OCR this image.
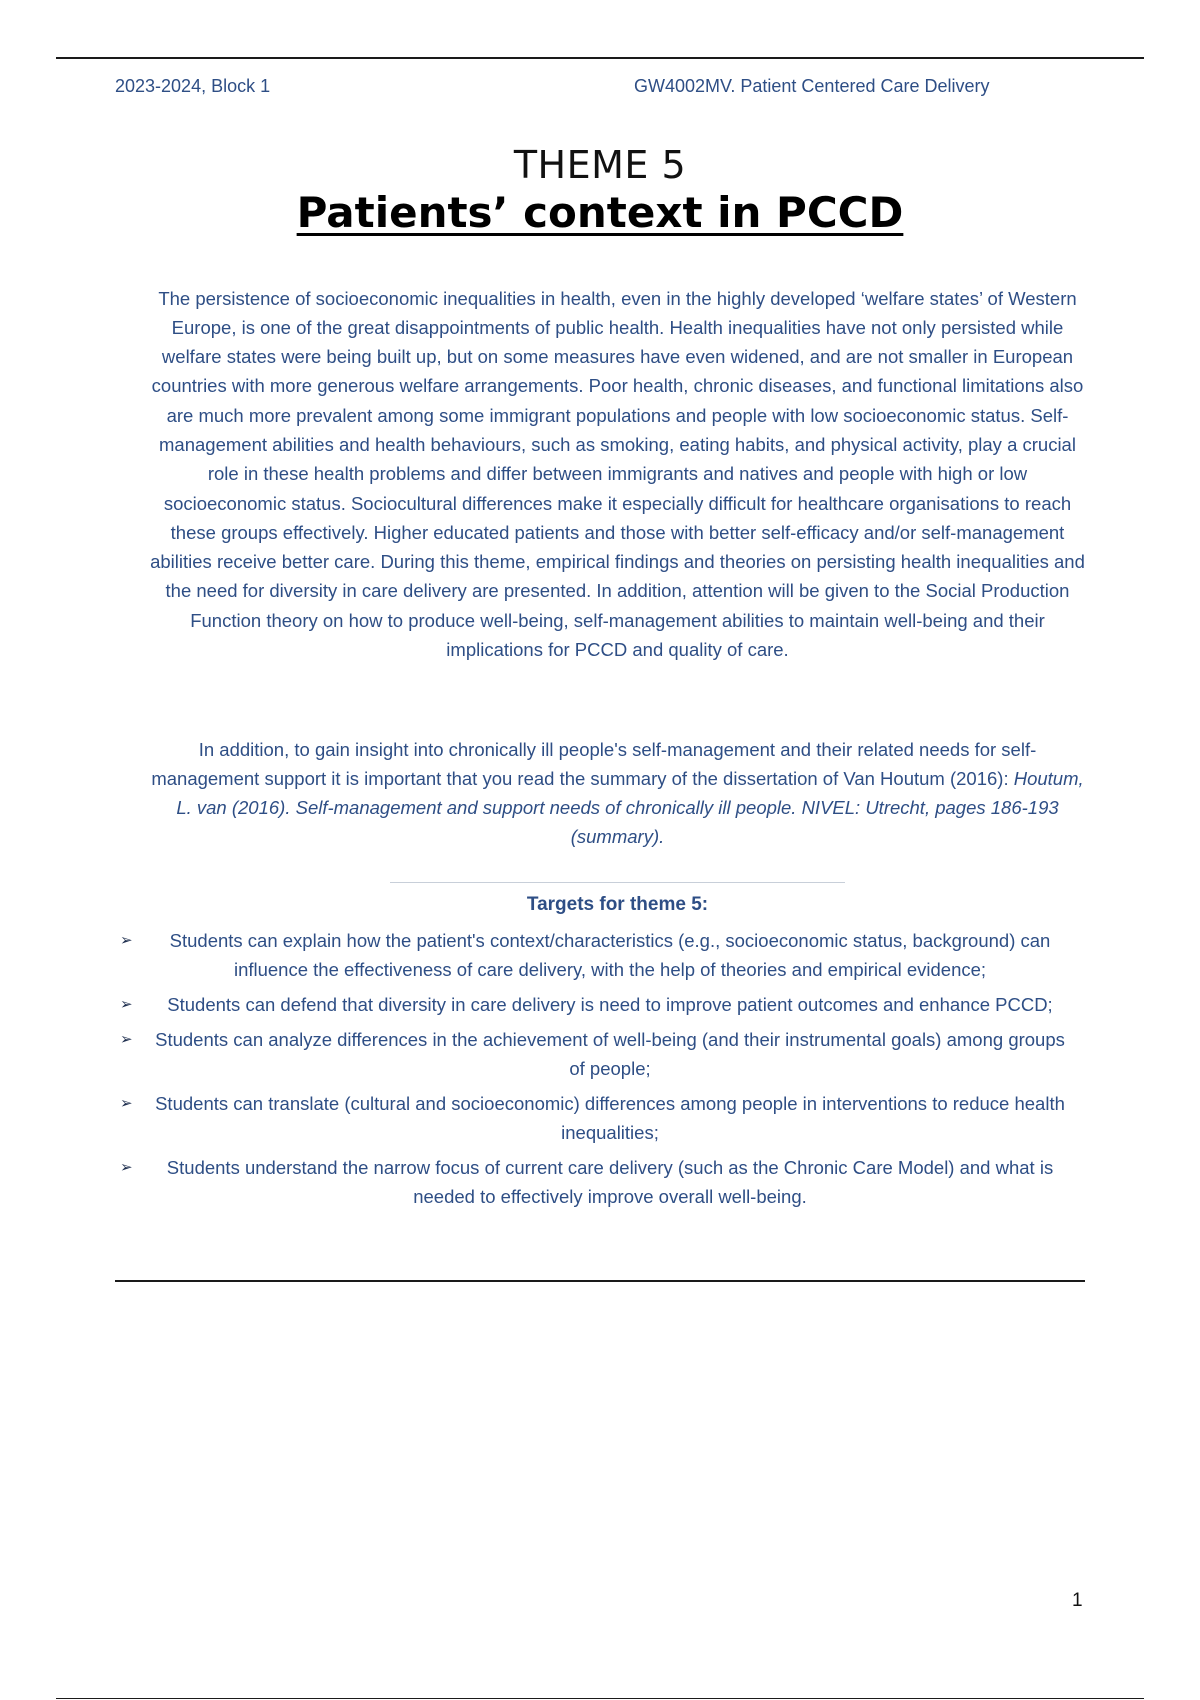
2023-2024, Block 1	GW4002MV. Patient Centered Care Delivery
THEME 5
Patients’ context in PCCD

The persistence of socioeconomic inequalities in health, even in the highly developed ‘welfare states’ of Western Europe, is one of the great disappointments of public health. Health inequalities have not only persisted while welfare states were being built up, but on some measures have even widened, and are not smaller in European countries with more generous welfare arrangements. Poor health, chronic diseases, and functional limitations also are much more prevalent among some immigrant populations and people with low socioeconomic status. Self-management abilities and health behaviours, such as smoking, eating habits, and physical activity, play a crucial role in these health problems and differ between immigrants and natives and people with high or low socioeconomic status. Sociocultural differences make it especially difficult for healthcare organisations to reach these groups effectively. Higher educated patients and those with better self-efficacy and/or self-management abilities receive better care. During this theme, empirical findings and theories on persisting health inequalities and the need for diversity in care delivery are presented. In addition, attention will be given to the Social Production Function theory on how to produce well-being, self-management abilities to maintain well-being and their implications for PCCD and quality of care.

In addition, to gain insight into chronically ill people's self-management and their related needs for self-management support it is important that you read the summary of the dissertation of Van Houtum (2016): Houtum, L. van (2016). Self-management and support needs of chronically ill people. NIVEL: Utrecht, pages 186-193 (summary).

Targets for theme 5:
➢ Students can explain how the patient's context/characteristics (e.g., socioeconomic status, background) can influence the effectiveness of care delivery, with the help of theories and empirical evidence;
➢ Students can defend that diversity in care delivery is need to improve patient outcomes and enhance PCCD;
➢ Students can analyze differences in the achievement of well-being (and their instrumental goals) among groups of people;
➢ Students can translate (cultural and socioeconomic) differences among people in interventions to reduce health inequalities;
➢ Students understand the narrow focus of current care delivery (such as the Chronic Care Model) and what is needed to effectively improve overall well-being.
1
